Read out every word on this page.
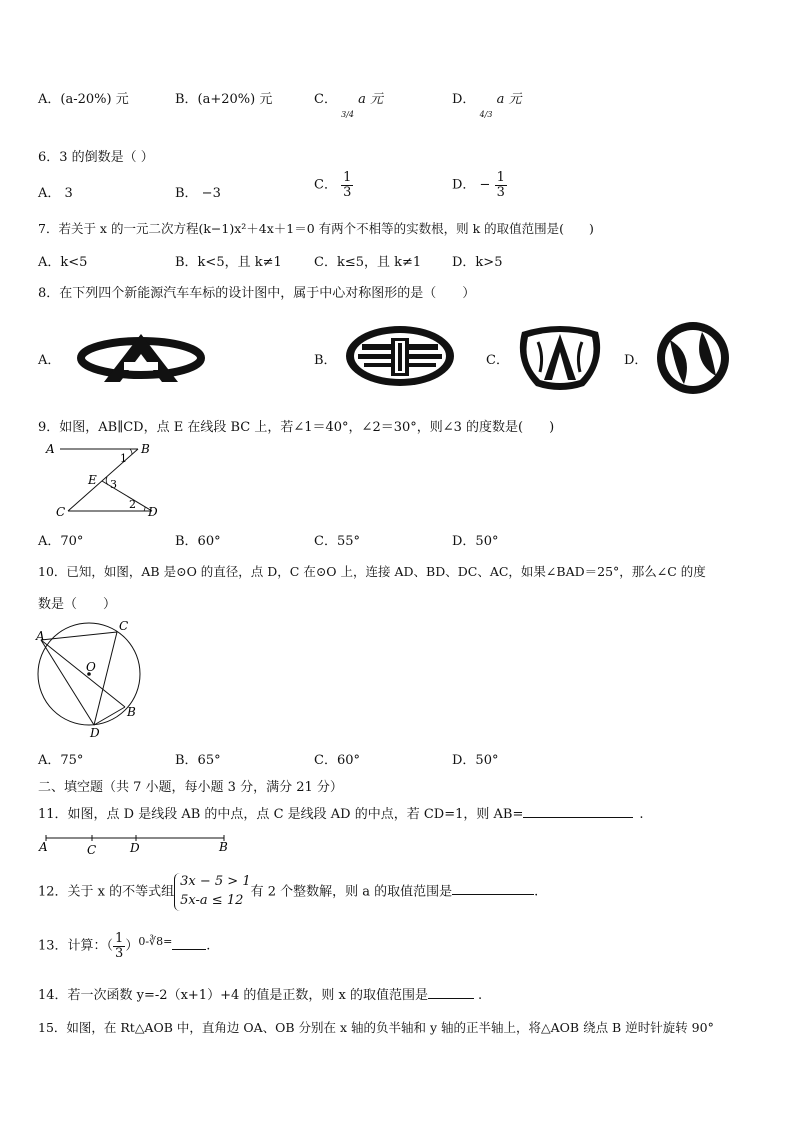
A．(a-20%) 元	B．(a+20%) 元	C． $_{3/4}$ a 元	D． $_{4/3}$ a 元
6．3 的倒数是（ ）
A． 3	B． −3
C． $\frac{1}{3}$	D． − $\frac{1}{3}$
7．若关于 x 的一元二次方程(k−1)x²＋4x＋1＝0 有两个不相等的实数根，则 k 的取值范围是(　　)
A．k<5	B．k<5，且 k≠1 C．k≤5，且 k≠1 D．k>5
8．在下列四个新能源汽车车标的设计图中，属于中心对称图形的是（　　）
A．	B．	C．	D．
9．如图，AB∥CD，点 E 在线段 BC 上，若∠1＝40°，∠2＝30°，则∠3 的度数是(　　)
A	B
C	D
E
1
2
3
A．70°	B．60°	C．55°	D．50°
10．已知，如图，AB 是⊙O 的直径，点 D，C 在⊙O 上，连接 AD、BD、DC、AC，如果∠BAD＝25°，那么∠C 的度
数是（　　）
A
C
O
B
D
A．75°	B．65°	C．60°	D．50°
二、填空题（共 7 小题，每小题 3 分，满分 21 分）
11．如图，点 D 是线段 AB 的中点，点 C 是线段 AD 的中点，若 CD=1，则 AB=	.
A	C	D	B
12．关于 x 的不等式组
3x − 5 > 1
5x-a ≤ 12
有 2 个整数解，则 a 的取值范围是	.
13．计算：（ $\frac{1}{3} )^{0-∛8=}$	.
14．若一次函数 y=-2（x+1）+4 的值是正数，则 x 的取值范围是	.
15．如图，在 Rt△AOB 中，直角边 OA、OB 分别在 x 轴的负半轴和 y 轴的正半轴上，将△AOB 绕点 B 逆时针旋转 90°
